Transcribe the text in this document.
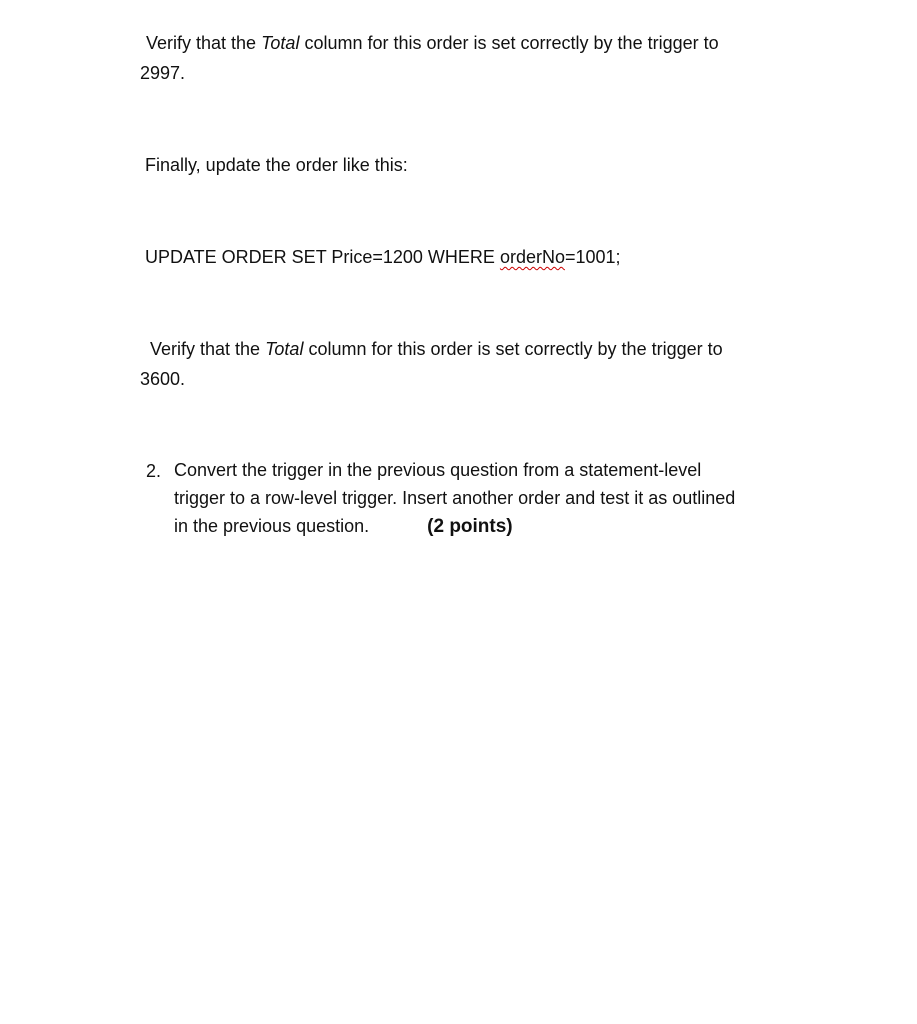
Verify that the Total column for this order is set correctly by the trigger to
2997.
Finally, update the order like this:
UPDATE ORDER SET Price=1200 WHERE orderNo=1001;
Verify that the Total column for this order is set correctly by the trigger to
3600.
2. Convert the trigger in the previous question from a statement-level
trigger to a row-level trigger. Insert another order and test it as outlined
in the previous question.	(2 points)
